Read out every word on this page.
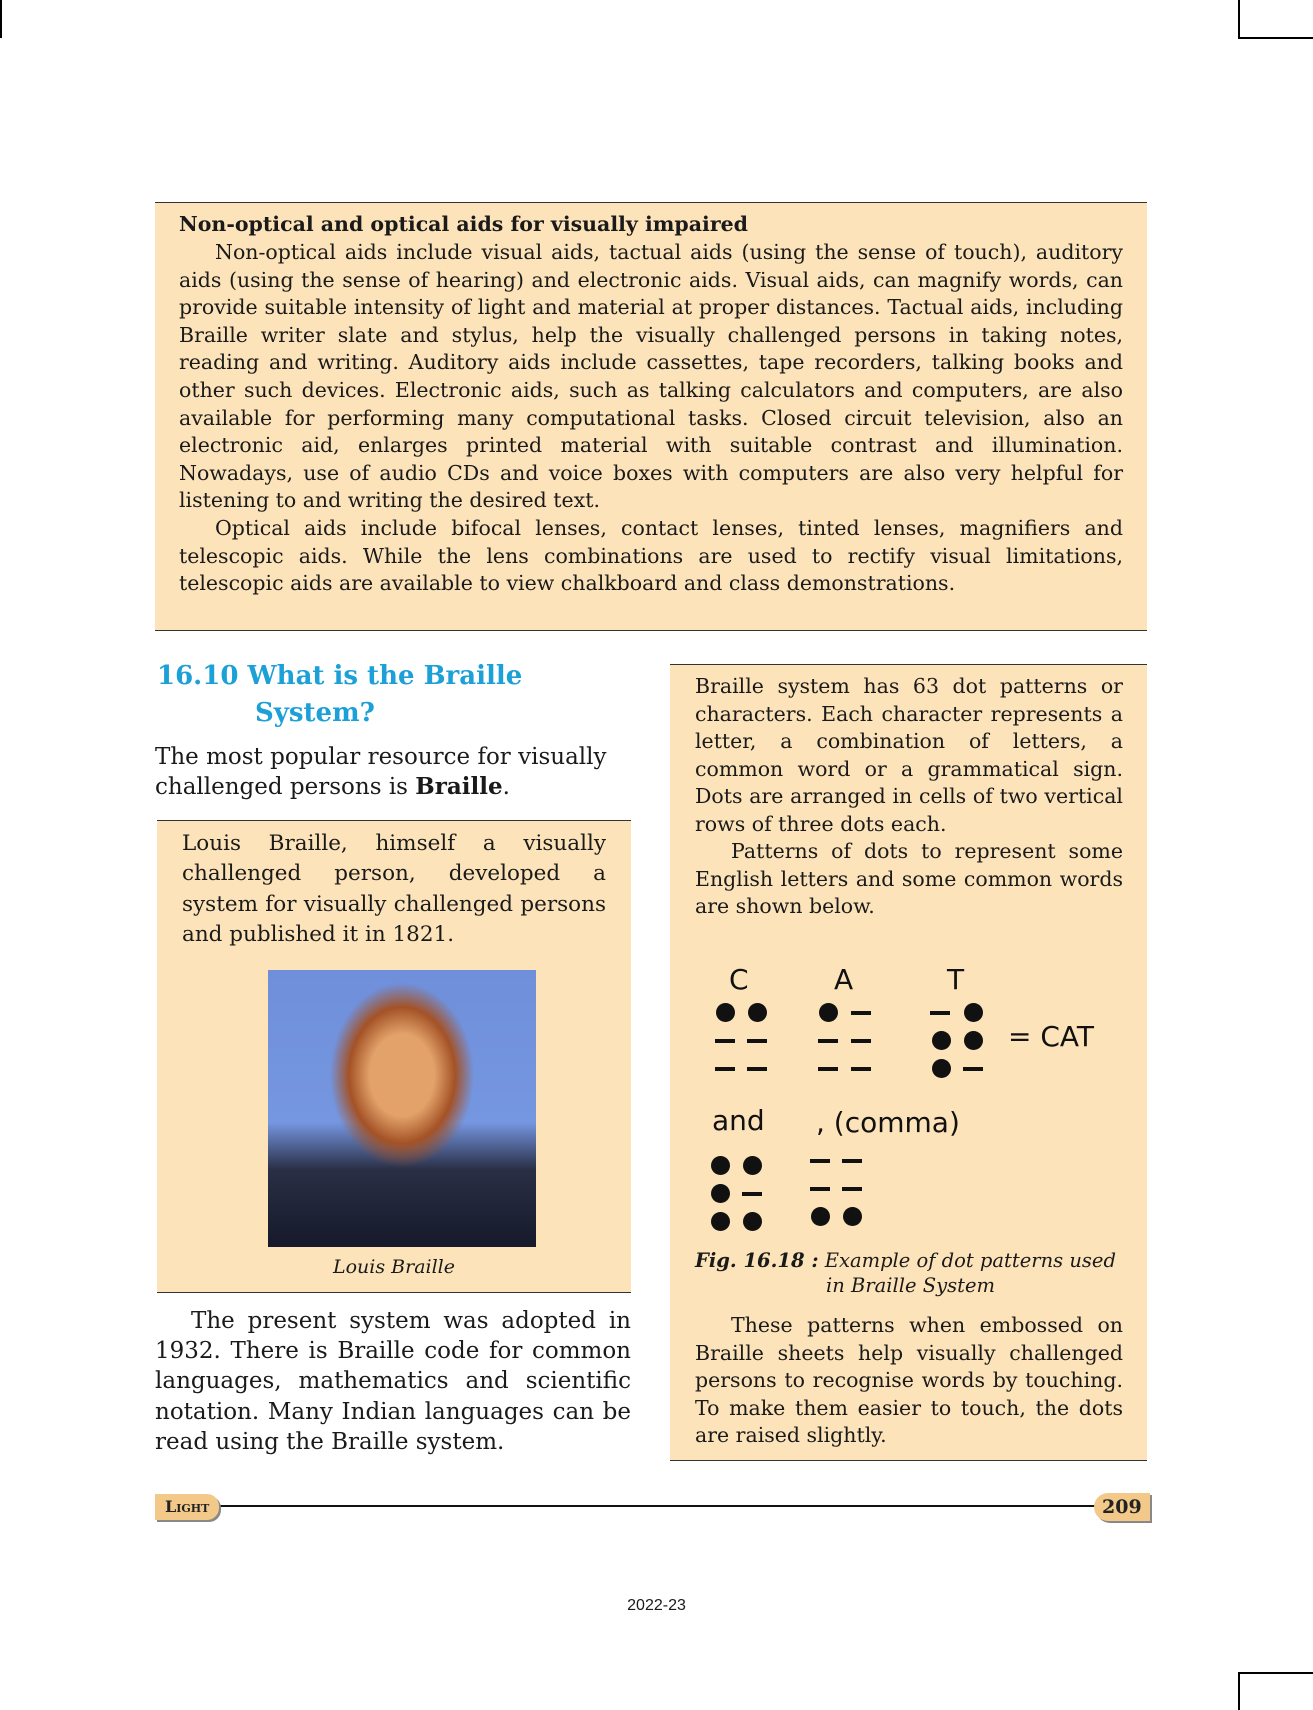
Non-optical and optical aids for visually impaired

Non-optical aids include visual aids, tactual aids (using the sense of touch), auditory aids (using the sense of hearing) and electronic aids. Visual aids, can magnify words, can provide suitable intensity of light and material at proper distances. Tactual aids, including Braille writer slate and stylus, help the visually challenged persons in taking notes, reading and writing. Auditory aids include cassettes, tape recorders, talking books and other such devices. Electronic aids, such as talking calculators and computers, are also available for performing many computational tasks. Closed circuit television, also an electronic aid, enlarges printed material with suitable contrast and illumination. Nowadays, use of audio CDs and voice boxes with computers are also very helpful for listening to and writing the desired text.

Optical aids include bifocal lenses, contact lenses, tinted lenses, magnifiers and telescopic aids. While the lens combinations are used to rectify visual limitations, telescopic aids are available to view chalkboard and class demonstrations.

16.10 What is the Braille
System?

The most popular resource for visually challenged persons is Braille.

Louis Braille, himself a visually challenged person, developed a system for visually challenged persons and published it in 1821.

Louis Braille

The present system was adopted in 1932. There is Braille code for common languages, mathematics and scientific notation. Many Indian languages can be read using the Braille system.

Braille system has 63 dot patterns or characters. Each character represents a letter, a combination of letters, a common word or a grammatical sign. Dots are arranged in cells of two vertical rows of three dots each.

Patterns of dots to represent some English letters and some common words are shown below.

C	A	T
= CAT
and , (comma)

Fig. 16.18 : Example of dot patterns used
in Braille System

These patterns when embossed on Braille sheets help visually challenged persons to recognise words by touching. To make them easier to touch, the dots are raised slightly.

Light	209
2022-23
